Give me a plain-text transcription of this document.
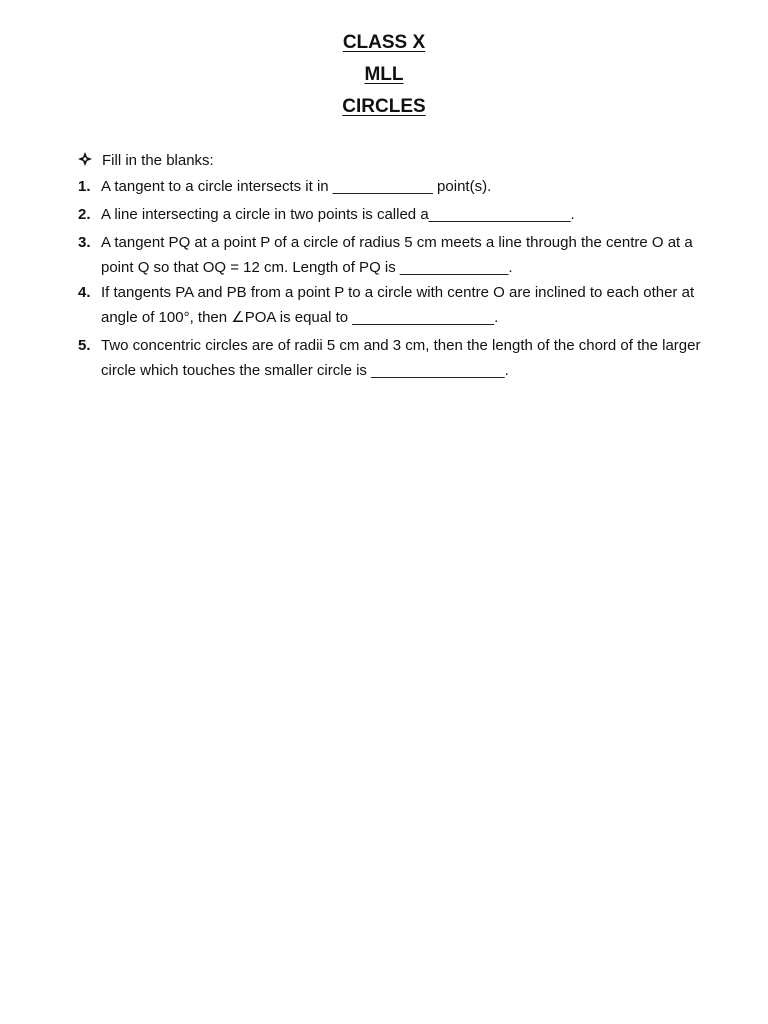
CLASS X
MLL
CIRCLES
Fill in the blanks:
1. A tangent to a circle intersects it in ____________ point(s).
2. A line intersecting a circle in two points is called a_________________.
3. A tangent PQ at a point P of a circle of radius 5 cm meets a line through the centre O at a point Q so that OQ = 12 cm. Length of PQ is _____________.
4. If tangents PA and PB from a point P to a circle with centre O are inclined to each other at angle of 100°, then ∠POA is equal to _________________.
5. Two concentric circles are of radii 5 cm and 3 cm, then the length of the chord of the larger circle which touches the smaller circle is ________________.
